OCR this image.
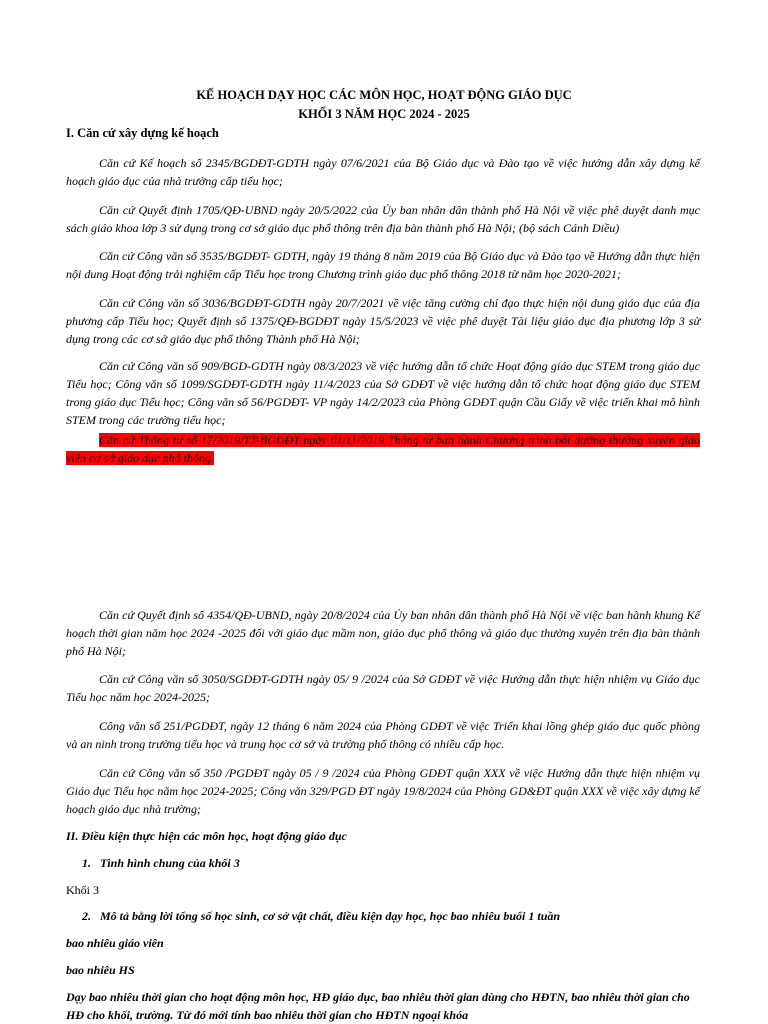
KẾ HOẠCH DẠY HỌC CÁC MÔN HỌC, HOẠT ĐỘNG GIÁO DỤC
KHỐI 3 NĂM HỌC 2024 - 2025
I. Căn cứ xây dựng kế hoạch

Căn cứ Kế hoạch số 2345/BGDĐT-GDTH ngày 07/6/2021 của Bộ Giáo dục và Đào tạo về việc hướng dẫn xây dựng kế hoạch giáo dục của nhà trường cấp tiểu học;

Căn cứ Quyết định 1705/QĐ-UBND ngày 20/5/2022 của Ủy ban nhân dân thành phố Hà Nội về việc phê duyệt danh mục sách giáo khoa lớp 3 sử dụng trong cơ sở giáo dục phổ thông trên địa bàn thành phố Hà Nội; (bộ sách Cánh Diều)

Căn cứ Công văn số 3535/BGDĐT- GDTH, ngày 19 tháng 8 năm 2019 của Bộ Giáo dục và Đào tạo về Hướng dẫn thực hiện nội dung Hoạt động trải nghiệm cấp Tiểu học trong Chương trình giáo dục phổ thông 2018 từ năm học 2020-2021;

Căn cứ Công văn số 3036/BGDĐT-GDTH ngày 20/7/2021 về việc tăng cường chỉ đạo thực hiện nội dung giáo dục của địa phương cấp Tiểu học; Quyết định số 1375/QĐ-BGDĐT ngày 15/5/2023 về việc phê duyệt Tài liệu giáo dục địa phương lớp 3 sử dụng trong các cơ sở giáo dục phổ thông Thành phố Hà Nội;

Căn cứ Công văn số 909/BGD-GDTH ngày 08/3/2023 về việc hướng dẫn tổ chức Hoạt động giáo dục STEM trong giáo dục Tiểu học; Công văn số 1099/SGDĐT-GDTH ngày 11/4/2023 của Sở GDĐT về việc hướng dẫn tổ chức hoạt động giáo dục STEM trong giáo dục Tiểu học; Công văn số 56/PGDĐT- VP ngày 14/2/2023 của Phòng GDĐT quận Cầu Giấy về việc triển khai mô hình STEM trong các trường tiểu học;

Căn cứ Thông tư số 17/2019/TT-BGDĐT ngày 01/11/2019 Thông tư ban hành Chương trình bồi dưỡng thường xuyên giáo viên cơ sở giáo dục phổ thông.

Căn cứ Quyết định số 4354/QĐ-UBND, ngày 20/8/2024 của Ủy ban nhân dân thành phố Hà Nội về việc ban hành khung Kế hoạch thời gian năm học 2024 -2025 đối với giáo dục mầm non, giáo dục phổ thông và giáo dục thường xuyên trên địa bàn thành phố Hà Nội;

Căn cứ Công văn số 3050/SGDĐT-GDTH ngày 05/ 9 /2024 của Sở GDĐT về việc Hướng dẫn thực hiện nhiệm vụ Giáo dục Tiểu học năm học 2024-2025;

Công văn số 251/PGDĐT, ngày 12 tháng 6 năm 2024 của Phòng GDĐT về việc Triển khai lồng ghép giáo dục quốc phòng và an ninh trong trường tiểu học và trung học cơ sở và trường phổ thông có nhiều cấp học.

Căn cứ Công văn số 350 /PGDĐT ngày 05 / 9 /2024 của Phòng GDĐT quận XXX về việc Hướng dẫn thực hiện nhiệm vụ Giáo dục Tiểu học năm học 2024-2025; Công văn 329/PGD ĐT ngày 19/8/2024 của Phòng GD&ĐT quận XXX về việc xây dựng kế hoạch giáo dục nhà trường;

II. Điều kiện thực hiện các môn học, hoạt động giáo dục
1. Tình hình chung của khối 3
Khối 3
2. Mô tả bằng lời tổng số học sinh, cơ sở vật chất, điều kiện dạy học, học bao nhiêu buổi 1 tuần
bao nhiêu giáo viên
bao nhiêu HS
Dạy bao nhiêu thời gian cho hoạt động môn học, HĐ giáo dục, bao nhiêu thời gian dùng cho HĐTN, bao nhiêu thời gian cho HĐ cho khối, trường. Từ đó mới tính bao nhiêu thời gian cho HĐTN ngoại khóa
